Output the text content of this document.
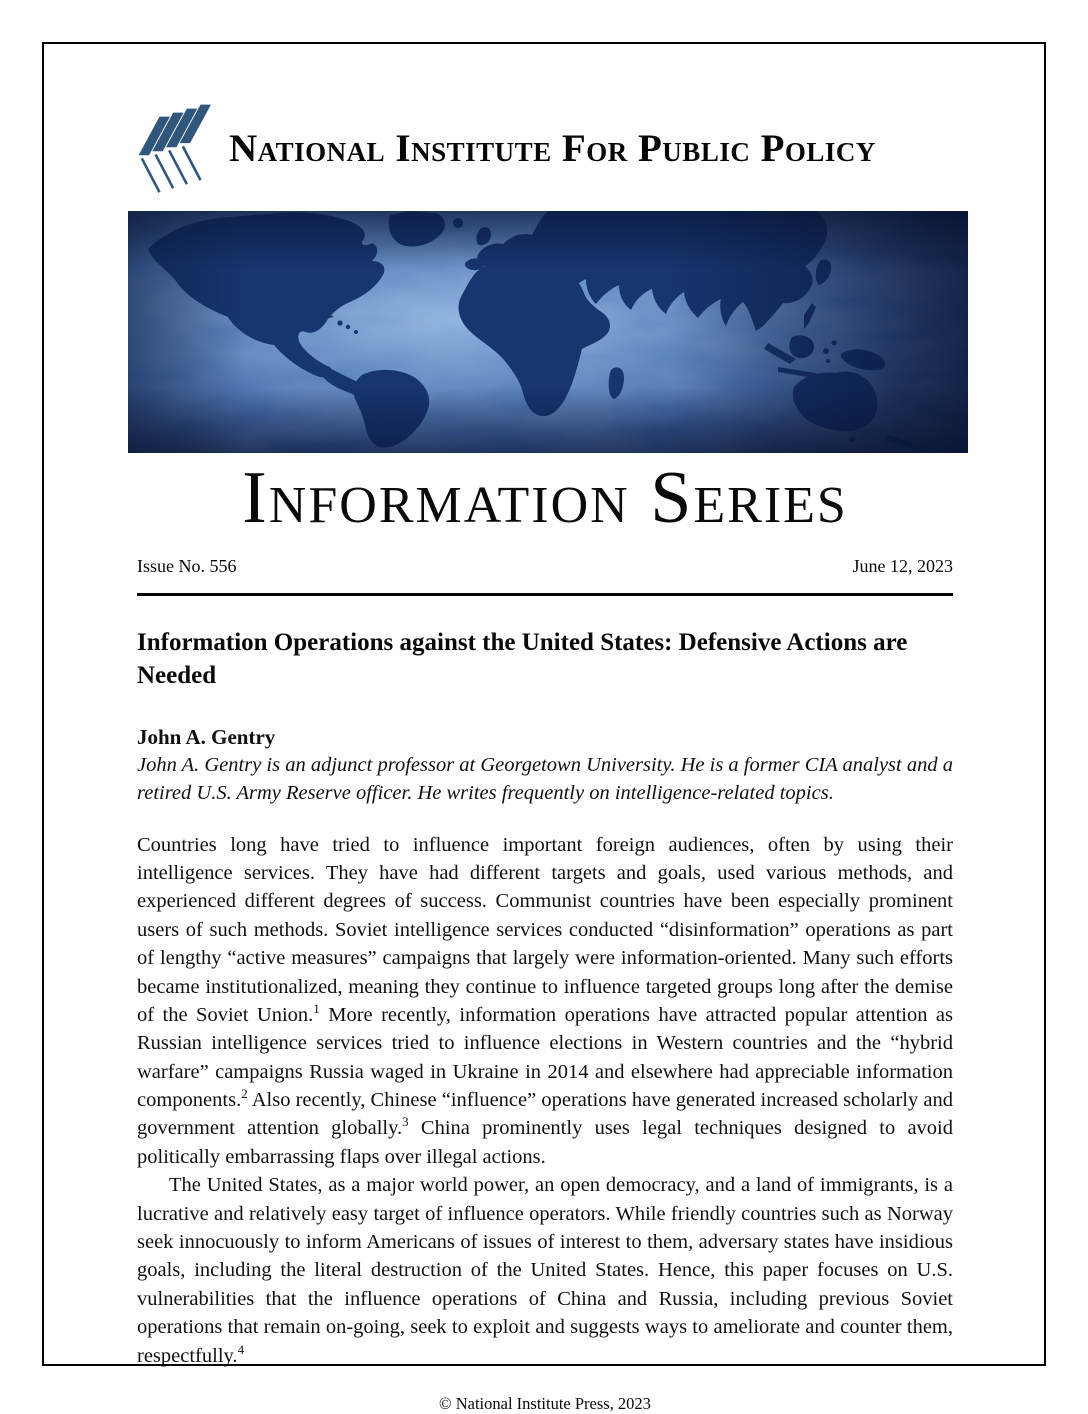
National Institute For Public Policy
Information Series
Issue No. 556	June 12, 2023
Information Operations against the United States: Defensive Actions are Needed
John A. Gentry
John A. Gentry is an adjunct professor at Georgetown University. He is a former CIA analyst and a retired U.S. Army Reserve officer. He writes frequently on intelligence-related topics.

Countries long have tried to influence important foreign audiences, often by using their intelligence services. They have had different targets and goals, used various methods, and experienced different degrees of success. Communist countries have been especially prominent users of such methods. Soviet intelligence services conducted “disinformation” operations as part of lengthy “active measures” campaigns that largely were information-oriented. Many such efforts became institutionalized, meaning they continue to influence targeted groups long after the demise of the Soviet Union.$^1$ More recently, information operations have attracted popular attention as Russian intelligence services tried to influence elections in Western countries and the “hybrid warfare” campaigns Russia waged in Ukraine in 2014 and elsewhere had appreciable information components.$^2$ Also recently, Chinese “influence” operations have generated increased scholarly and government attention globally.$^3$ China prominently uses legal techniques designed to avoid politically embarrassing flaps over illegal actions.

The United States, as a major world power, an open democracy, and a land of immigrants, is a lucrative and relatively easy target of influence operators. While friendly countries such as Norway seek innocuously to inform Americans of issues of interest to them, adversary states have insidious goals, including the literal destruction of the United States. Hence, this paper focuses on U.S. vulnerabilities that the influence operations of China and Russia, including previous Soviet operations that remain on-going, seek to exploit and suggests ways to ameliorate and counter them, respectfully.$^4$

© National Institute Press, 2023
